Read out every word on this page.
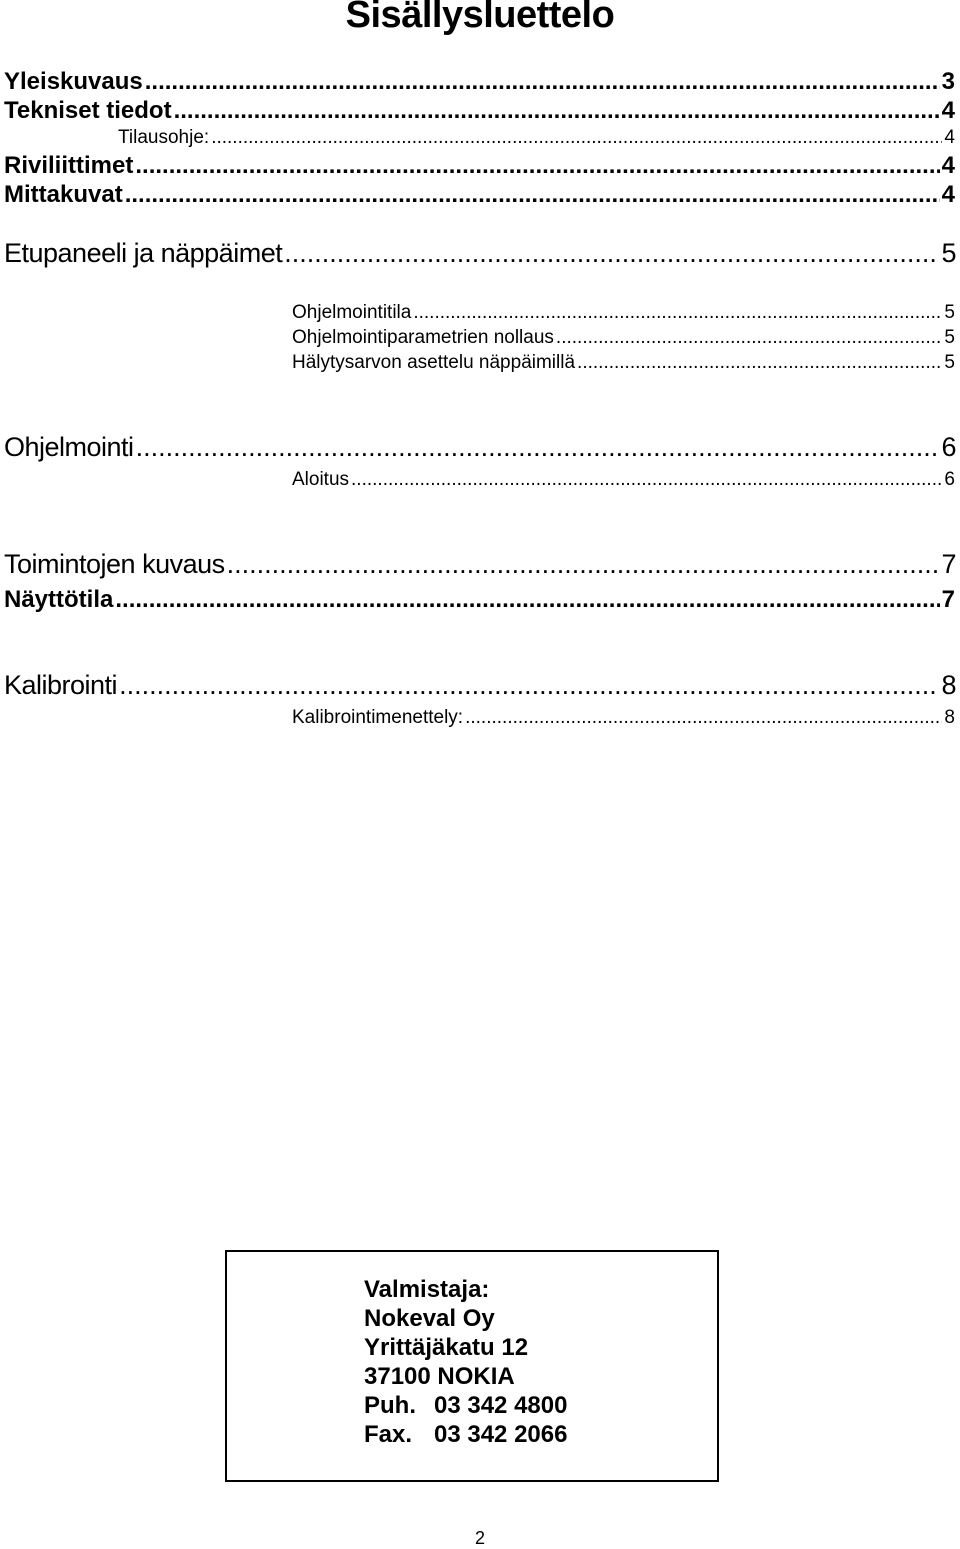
Sisällysluettelo
Yleiskuvaus .....	3
Tekniset tiedot .....	4
Tilausohje: .....	4
Riviliittimet .....	4
Mittakuvat .....	4
Etupaneeli ja näppäimet .....	5
Ohjelmointitila .....	5
Ohjelmointiparametrien nollaus .....	5
Hälytysarvon asettelu näppäimillä .....	5
Ohjelmointi .....	6
Aloitus .....	6
Toimintojen kuvaus .....	7
Näyttötila .....	7
Kalibrointi .....	8
Kalibrointimenettely: .....	8
Valmistaja:
Nokeval Oy
Yrittäjäkatu 12
37100 NOKIA
Puh. 03 342 4800
Fax. 03 342 2066
2
